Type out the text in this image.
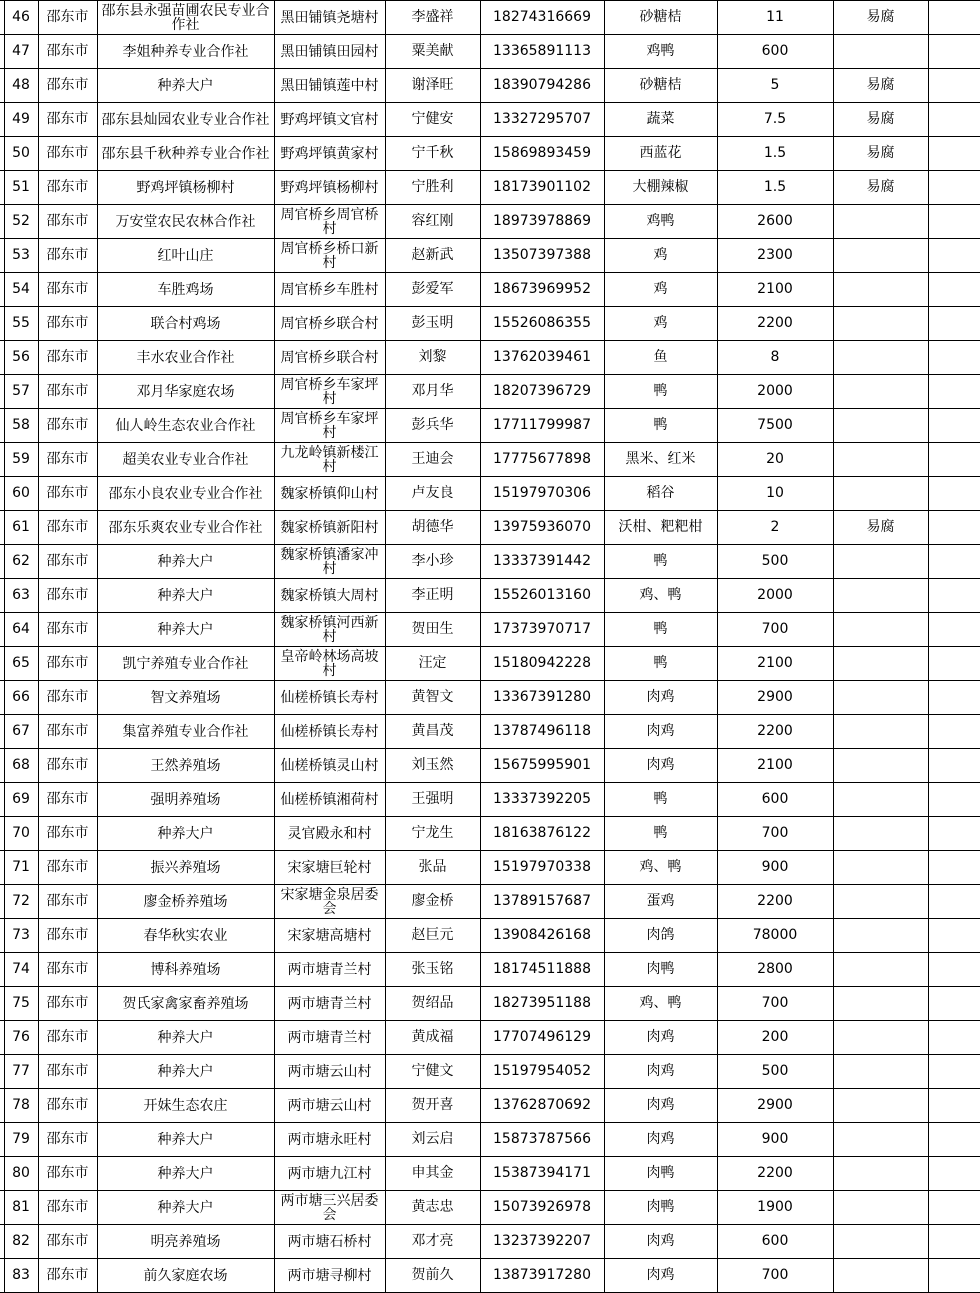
	46	邵东市	邵东县永强苗圃农民专业合作社	黑田铺镇尧塘村	李盛祥	18274316669	砂糖桔	11	易腐	
	47	邵东市	李姐种养专业合作社	黑田铺镇田园村	粟美献	13365891113	鸡鸭	600		
	48	邵东市	种养大户	黑田铺镇莲中村	谢泽旺	18390794286	砂糖桔	5	易腐	
	49	邵东市	邵东县灿园农业专业合作社	野鸡坪镇文官村	宁健安	13327295707	蔬菜	7.5	易腐	
	50	邵东市	邵东县千秋种养专业合作社	野鸡坪镇黄家村	宁千秋	15869893459	西蓝花	1.5	易腐	
	51	邵东市	野鸡坪镇杨柳村	野鸡坪镇杨柳村	宁胜利	18173901102	大棚辣椒	1.5	易腐	
	52	邵东市	万安堂农民农林合作社	周官桥乡周官桥村	容红刚	18973978869	鸡鸭	2600		
	53	邵东市	红叶山庄	周官桥乡桥口新村	赵新武	13507397388	鸡	2300		
	54	邵东市	车胜鸡场	周官桥乡车胜村	彭爱军	18673969952	鸡	2100		
	55	邵东市	联合村鸡场	周官桥乡联合村	彭玉明	15526086355	鸡	2200		
	56	邵东市	丰水农业合作社	周官桥乡联合村	刘黎	13762039461	鱼	8		
	57	邵东市	邓月华家庭农场	周官桥乡车家坪村	邓月华	18207396729	鸭	2000		
	58	邵东市	仙人岭生态农业合作社	周官桥乡车家坪村	彭兵华	17711799987	鸭	7500		
	59	邵东市	超美农业专业合作社	九龙岭镇新楼江村	王迪会	17775677898	黑米、红米	20		
	60	邵东市	邵东小良农业专业合作社	魏家桥镇仰山村	卢友良	15197970306	稻谷	10		
	61	邵东市	邵东乐爽农业专业合作社	魏家桥镇新阳村	胡德华	13975936070	沃柑、粑粑柑	2	易腐	
	62	邵东市	种养大户	魏家桥镇潘家冲村	李小珍	13337391442	鸭	500		
	63	邵东市	种养大户	魏家桥镇大周村	李正明	15526013160	鸡、鸭	2000		
	64	邵东市	种养大户	魏家桥镇河西新村	贺田生	17373970717	鸭	700		
	65	邵东市	凯宁养殖专业合作社	皇帝岭林场高坡村	汪定	15180942228	鸭	2100		
	66	邵东市	智文养殖场	仙槎桥镇长寿村	黄智文	13367391280	肉鸡	2900		
	67	邵东市	集富养殖专业合作社	仙槎桥镇长寿村	黄昌茂	13787496118	肉鸡	2200		
	68	邵东市	王然养殖场	仙槎桥镇灵山村	刘玉然	15675995901	肉鸡	2100		
	69	邵东市	强明养殖场	仙槎桥镇湘荷村	王强明	13337392205	鸭	600		
	70	邵东市	种养大户	灵官殿永和村	宁龙生	18163876122	鸭	700		
	71	邵东市	振兴养殖场	宋家塘巨轮村	张品	15197970338	鸡、鸭	900		
	72	邵东市	廖金桥养殖场	宋家塘金泉居委会	廖金桥	13789157687	蛋鸡	2200		
	73	邵东市	春华秋实农业	宋家塘高塘村	赵巨元	13908426168	肉鸽	78000		
	74	邵东市	博科养殖场	两市塘青兰村	张玉铭	18174511888	肉鸭	2800		
	75	邵东市	贺氏家禽家畜养殖场	两市塘青兰村	贺绍品	18273951188	鸡、鸭	700		
	76	邵东市	种养大户	两市塘青兰村	黄成福	17707496129	肉鸡	200		
	77	邵东市	种养大户	两市塘云山村	宁健文	15197954052	肉鸡	500		
	78	邵东市	开妹生态农庄	两市塘云山村	贺开喜	13762870692	肉鸡	2900		
	79	邵东市	种养大户	两市塘永旺村	刘云启	15873787566	肉鸡	900		
	80	邵东市	种养大户	两市塘九江村	申其金	15387394171	肉鸭	2200		
	81	邵东市	种养大户	两市塘三兴居委会	黄志忠	15073926978	肉鸭	1900		
	82	邵东市	明亮养殖场	两市塘石桥村	邓才亮	13237392207	肉鸡	600		
	83	邵东市	前久家庭农场	两市塘寻柳村	贺前久	13873917280	肉鸡	700		
